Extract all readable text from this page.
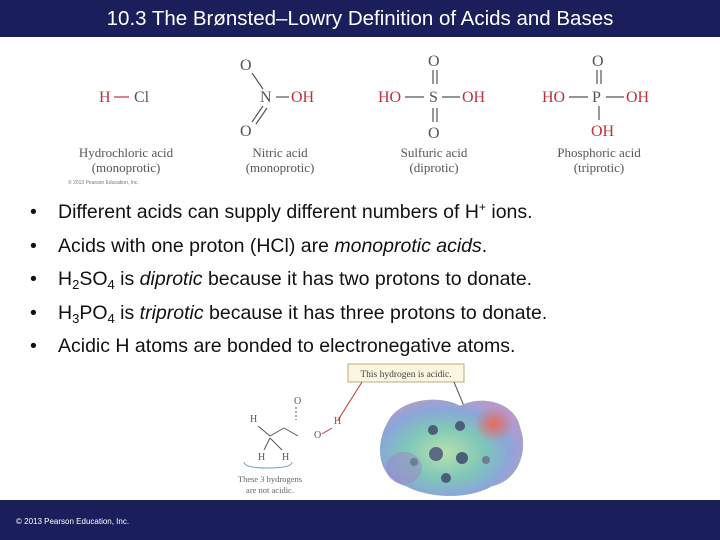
10.3 The Brønsted–Lowry Definition of Acids and Bases
H Cl
Hydrochloric acid
(monoprotic)
O
N OH
O
Nitric acid
(monoprotic)
O
HO S OH
O
Sulfuric acid
(diprotic)
O
HO P OH
OH
Phosphoric acid
(triprotic)
© 2013 Pearson Education, Inc.
• Different acids can supply different numbers of H+ ions.
• Acids with one proton (HCl) are monoprotic acids.
• $H_2SO_4$ is diprotic because it has two protons to donate.
• $H_3PO_4$ is triprotic because it has three protons to donate.
• Acidic H atoms are bonded to electronegative atoms.
This hydrogen is acidic.
H
O
O
H
H H
These 3 hydrogens
are not acidic.
© 2013 Pearson Education, Inc.
